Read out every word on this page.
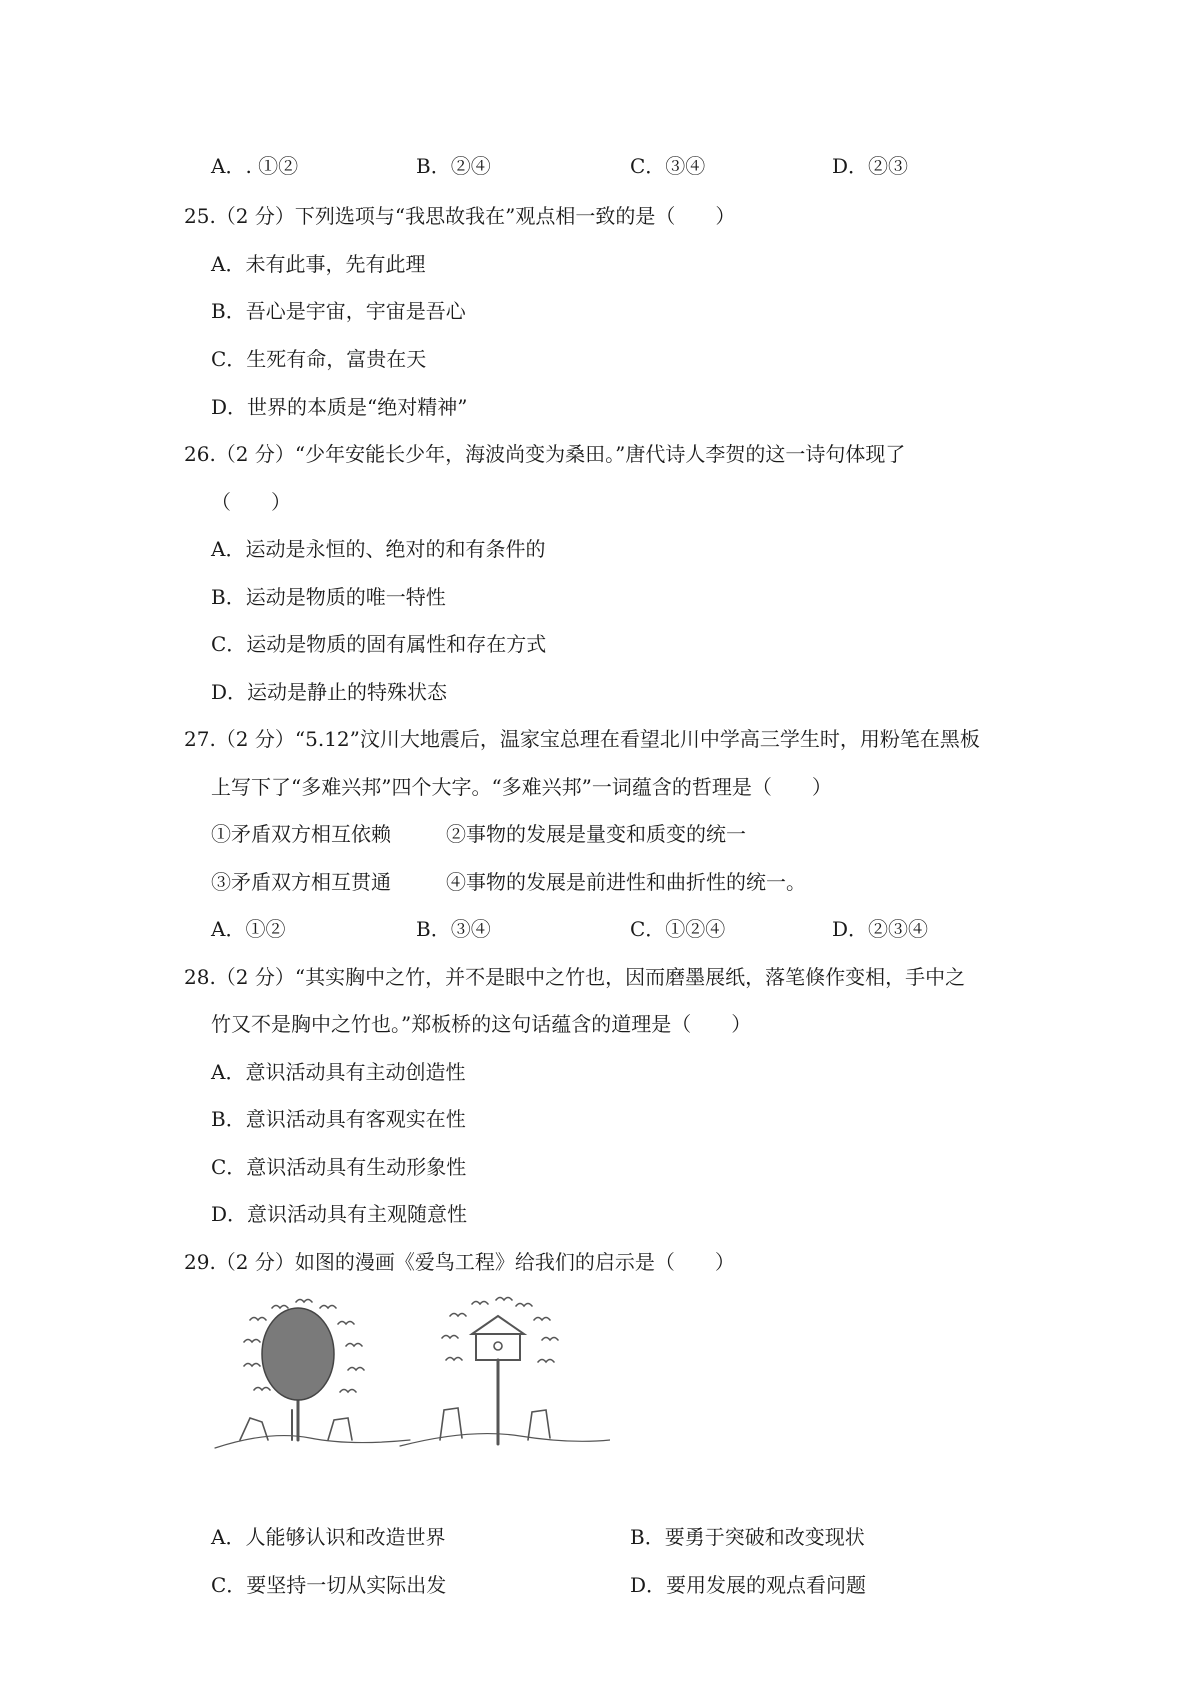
A．. ①②	B．②④	C．③④	D．②③
25.（2 分）下列选项与“我思故我在”观点相一致的是（　　）
A．未有此事，先有此理
B．吾心是宇宙，宇宙是吾心
C．生死有命，富贵在天
D．世界的本质是“绝对精神”
26.（2 分）“少年安能长少年，海波尚变为桑田。”唐代诗人李贺的这一诗句体现了
（　　）
A．运动是永恒的、绝对的和有条件的
B．运动是物质的唯一特性
C．运动是物质的固有属性和存在方式
D．运动是静止的特殊状态
27.（2 分）“5.12”汶川大地震后，温家宝总理在看望北川中学高三学生时，用粉笔在黑板
上写下了“多难兴邦”四个大字。“多难兴邦”一词蕴含的哲理是（　　）
①矛盾双方相互依赖	②事物的发展是量变和质变的统一
③矛盾双方相互贯通	④事物的发展是前进性和曲折性的统一。
A．①②	B．③④	C．①②④	D．②③④
28.（2 分）“其实胸中之竹，并不是眼中之竹也，因而磨墨展纸，落笔倏作变相，手中之
竹又不是胸中之竹也。”郑板桥的这句话蕴含的道理是（　　）
A．意识活动具有主动创造性
B．意识活动具有客观实在性
C．意识活动具有生动形象性
D．意识活动具有主观随意性
29.（2 分）如图的漫画《爱鸟工程》给我们的启示是（　　）
A．人能够认识和改造世界	B．要勇于突破和改变现状
C．要坚持一切从实际出发	D．要用发展的观点看问题
